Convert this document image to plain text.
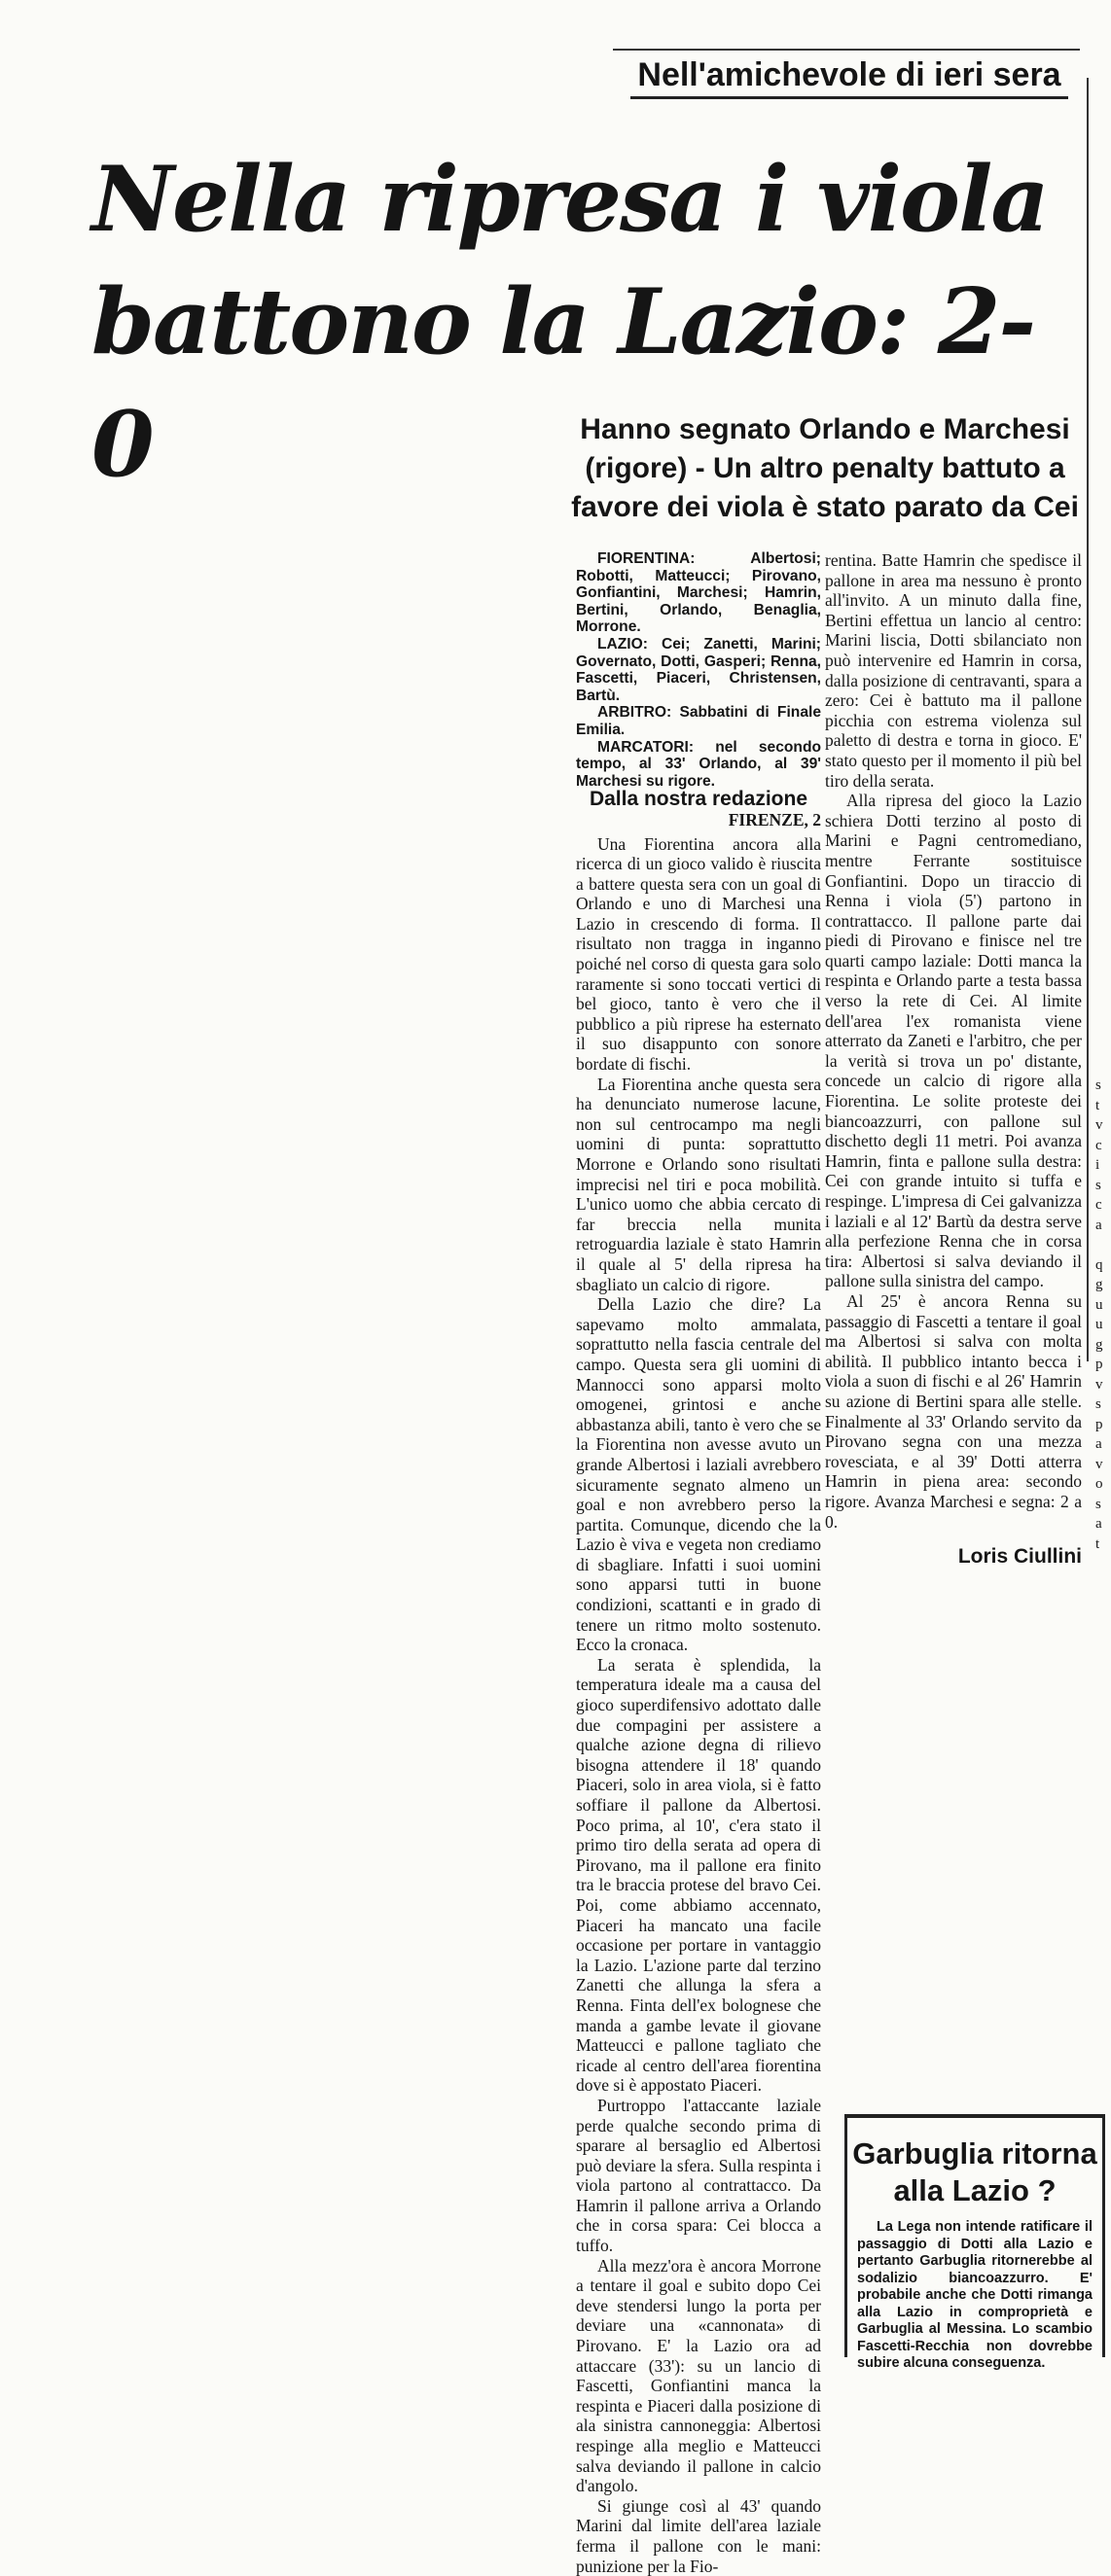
Nell'amichevole di ieri sera
Nella ripresa i viola
battono la Lazio: 2-0	Hanno segnato Orlando e Marchesi (rigore) - Un altro penalty battuto a favore dei viola è stato parato da Cei

FIORENTINA: Albertosi; Robotti, Matteucci; Pirovano, Gonfiantini, Marchesi; Hamrin, Bertini, Orlando, Benaglia, Morrone.

LAZIO: Cei; Zanetti, Marini; Governato, Dotti, Gasperi; Renna, Fascetti, Piaceri, Christensen, Bartù.

ARBITRO: Sabbatini di Finale Emilia.

MARCATORI: nel secondo tempo, al 33' Orlando, al 39' Marchesi su rigore.

Dalla nostra redazione

FIRENZE, 2

Una Fiorentina ancora alla ricerca di un gioco valido è riuscita a battere questa sera con un goal di Orlando e uno di Marchesi una Lazio in crescendo di forma. Il risultato non tragga in inganno poiché nel corso di questa gara solo raramente si sono toccati vertici di bel gioco, tanto è vero che il pubblico a più riprese ha esternato il suo disappunto con sonore bordate di fischi.

La Fiorentina anche questa sera ha denunciato numerose lacune, non sul centrocampo ma negli uomini di punta: soprattutto Morrone e Orlando sono risultati imprecisi nel tiri e poca mobilità. L'unico uomo che abbia cercato di far breccia nella munita retroguardia laziale è stato Hamrin il quale al 5' della ripresa ha sbagliato un calcio di rigore.

Della Lazio che dire? La sapevamo molto ammalata, soprattutto nella fascia centrale del campo. Questa sera gli uomini di Mannocci sono apparsi molto omogenei, grintosi e anche abbastanza abili, tanto è vero che se la Fiorentina non avesse avuto un grande Albertosi i laziali avrebbero sicuramente segnato almeno un goal e non avrebbero perso la partita. Comunque, dicendo che la Lazio è viva e vegeta non crediamo di sbagliare. Infatti i suoi uomini sono apparsi tutti in buone condizioni, scattanti e in grado di tenere un ritmo molto sostenuto. Ecco la cronaca.

La serata è splendida, la temperatura ideale ma a causa del gioco superdifensivo adottato dalle due compagini per assistere a qualche azione degna di rilievo bisogna attendere il 18' quando Piaceri, solo in area viola, si è fatto soffiare il pallone da Albertosi. Poco prima, al 10', c'era stato il primo tiro della serata ad opera di Pirovano, ma il pallone era finito tra le braccia protese del bravo Cei. Poi, come abbiamo accennato, Piaceri ha mancato una facile occasione per portare in vantaggio la Lazio. L'azione parte dal terzino Zanetti che allunga la sfera a Renna. Finta dell'ex bolognese che manda a gambe levate il giovane Matteucci e pallone tagliato che ricade al centro dell'area fiorentina dove si è appostato Piaceri.

Purtroppo l'attaccante laziale perde qualche secondo prima di sparare al bersaglio ed Albertosi può deviare la sfera. Sulla respinta i viola partono al contrattacco. Da Hamrin il pallone arriva a Orlando che in corsa spara: Cei blocca a tuffo.

Alla mezz'ora è ancora Morrone a tentare il goal e subito dopo Cei deve stendersi lungo la porta per deviare una «cannonata» di Pirovano. E' la Lazio ora ad attaccare (33'): su un lancio di Fascetti, Gonfiantini manca la respinta e Piaceri dalla posizione di ala sinistra cannoneggia: Albertosi respinge alla meglio e Matteucci salva deviando il pallone in calcio d'angolo.

Si giunge così al 43' quando Marini dal limite dell'area laziale ferma il pallone con le mani: punizione per la Fio-

rentina. Batte Hamrin che spedisce il pallone in area ma nessuno è pronto all'invito. A un minuto dalla fine, Bertini effettua un lancio al centro: Marini liscia, Dotti sbilanciato non può intervenire ed Hamrin in corsa, dalla posizione di centravanti, spara a zero: Cei è battuto ma il pallone picchia con estrema violenza sul paletto di destra e torna in gioco. E' stato questo per il momento il più bel tiro della serata.

Alla ripresa del gioco la Lazio schiera Dotti terzino al posto di Marini e Pagni centromediano, mentre Ferrante sostituisce Gonfiantini. Dopo un tiraccio di Renna i viola (5') partono in contrattacco. Il pallone parte dai piedi di Pirovano e finisce nel tre quarti campo laziale: Dotti manca la respinta e Orlando parte a testa bassa verso la rete di Cei. Al limite dell'area l'ex romanista viene atterrato da Zaneti e l'arbitro, che per la verità si trova un po' distante, concede un calcio di rigore alla Fiorentina. Le solite proteste dei biancoazzurri, con pallone sul dischetto degli 11 metri. Poi avanza Hamrin, finta e pallone sulla destra: Cei con grande intuito si tuffa e respinge. L'impresa di Cei galvanizza i laziali e al 12' Bartù da destra serve alla perfezione Renna che in corsa tira: Albertosi si salva deviando il pallone sulla sinistra del campo.

Al 25' è ancora Renna su passaggio di Fascetti a tentare il goal ma Albertosi si salva con molta abilità. Il pubblico intanto becca i viola a suon di fischi e al 26' Hamrin su azione di Bertini spara alle stelle. Finalmente al 33' Orlando servito da Pirovano segna con una mezza rovesciata, e al 39' Dotti atterra Hamrin in piena area: secondo rigore. Avanza Marchesi e segna: 2 a 0.

Loris Ciullini

s
t
v
c
i
s
c
a

q
g
u
u
g
p
v
s
p
a
v
o
s
a
t
Garbuglia ritorna alla Lazio ?

La Lega non intende ratificare il passaggio di Dotti alla Lazio e pertanto Garbuglia ritornerebbe al sodalizio biancoazzurro. E' probabile anche che Dotti rimanga alla Lazio in comproprietà e Garbuglia al Messina. Lo scambio Fascetti-Recchia non dovrebbe subire alcuna conseguenza.
